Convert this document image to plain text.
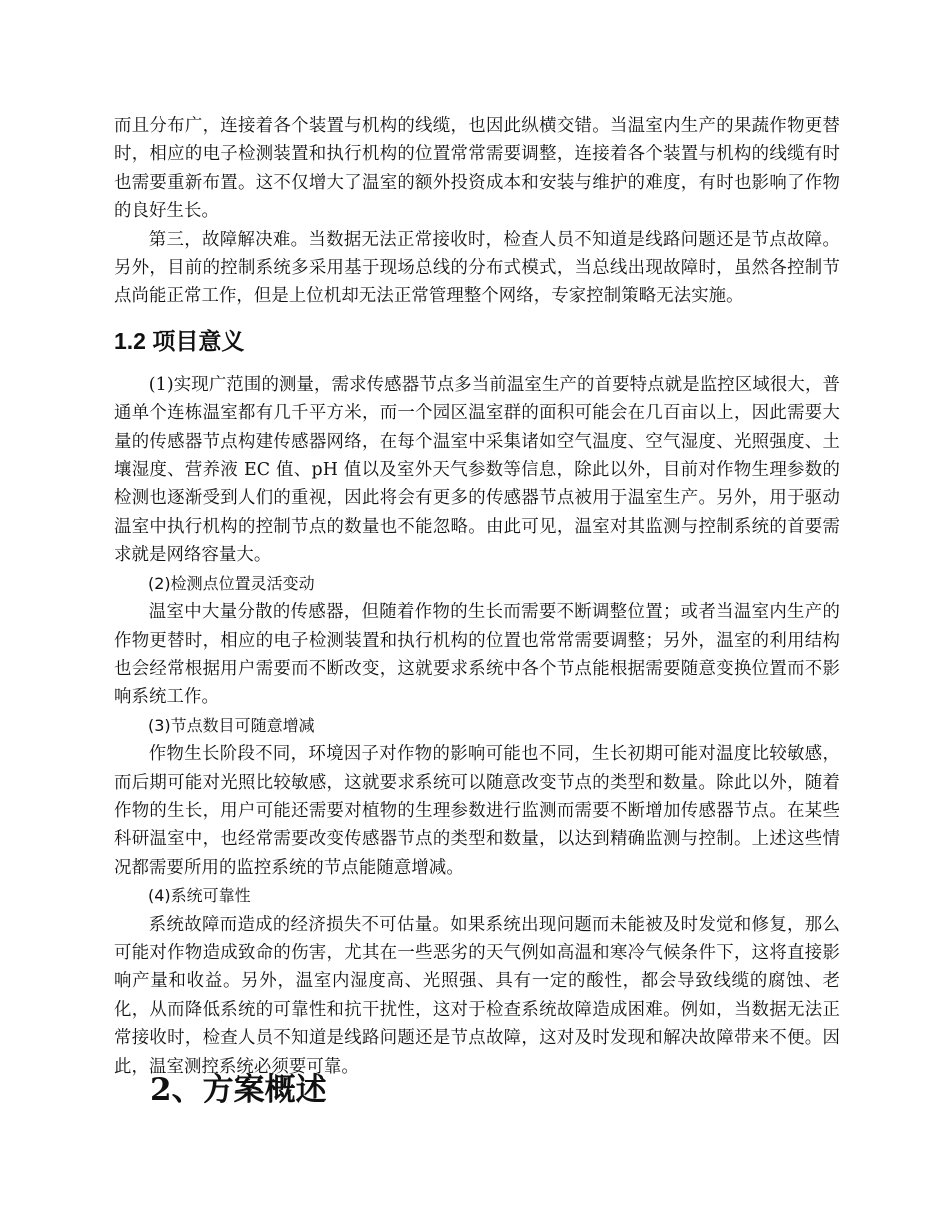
而且分布广，连接着各个装置与机构的线缆，也因此纵横交错。当温室内生产的果蔬作物更替时，相应的电子检测装置和执行机构的位置常常需要调整，连接着各个装置与机构的线缆有时也需要重新布置。这不仅增大了温室的额外投资成本和安装与维护的难度，有时也影响了作物的良好生长。

第三，故障解决难。当数据无法正常接收时，检查人员不知道是线路问题还是节点故障。另外，目前的控制系统多采用基于现场总线的分布式模式，当总线出现故障时，虽然各控制节点尚能正常工作，但是上位机却无法正常管理整个网络，专家控制策略无法实施。

1.2 项目意义

(1)实现广范围的测量，需求传感器节点多当前温室生产的首要特点就是监控区域很大，普通单个连栋温室都有几千平方米，而一个园区温室群的面积可能会在几百亩以上，因此需要大量的传感器节点构建传感器网络，在每个温室中采集诸如空气温度、空气湿度、光照强度、土壤湿度、营养液 EC 值、pH 值以及室外天气参数等信息，除此以外，目前对作物生理参数的检测也逐渐受到人们的重视，因此将会有更多的传感器节点被用于温室生产。另外，用于驱动温室中执行机构的控制节点的数量也不能忽略。由此可见，温室对其监测与控制系统的首要需求就是网络容量大。

(2)检测点位置灵活变动

温室中大量分散的传感器，但随着作物的生长而需要不断调整位置；或者当温室内生产的作物更替时，相应的电子检测装置和执行机构的位置也常常需要调整；另外，温室的利用结构也会经常根据用户需要而不断改变，这就要求系统中各个节点能根据需要随意变换位置而不影响系统工作。

(3)节点数目可随意增减

作物生长阶段不同，环境因子对作物的影响可能也不同，生长初期可能对温度比较敏感，而后期可能对光照比较敏感，这就要求系统可以随意改变节点的类型和数量。除此以外，随着作物的生长，用户可能还需要对植物的生理参数进行监测而需要不断增加传感器节点。在某些科研温室中，也经常需要改变传感器节点的类型和数量，以达到精确监测与控制。上述这些情况都需要所用的监控系统的节点能随意增减。

(4)系统可靠性

系统故障而造成的经济损失不可估量。如果系统出现问题而未能被及时发觉和修复，那么可能对作物造成致命的伤害，尤其在一些恶劣的天气例如高温和寒冷气候条件下，这将直接影响产量和收益。另外，温室内湿度高、光照强、具有一定的酸性，都会导致线缆的腐蚀、老化，从而降低系统的可靠性和抗干扰性，这对于检查系统故障造成困难。例如，当数据无法正常接收时，检查人员不知道是线路问题还是节点故障，这对及时发现和解决故障带来不便。因此，温室测控系统必须要可靠。

2、方案概述
